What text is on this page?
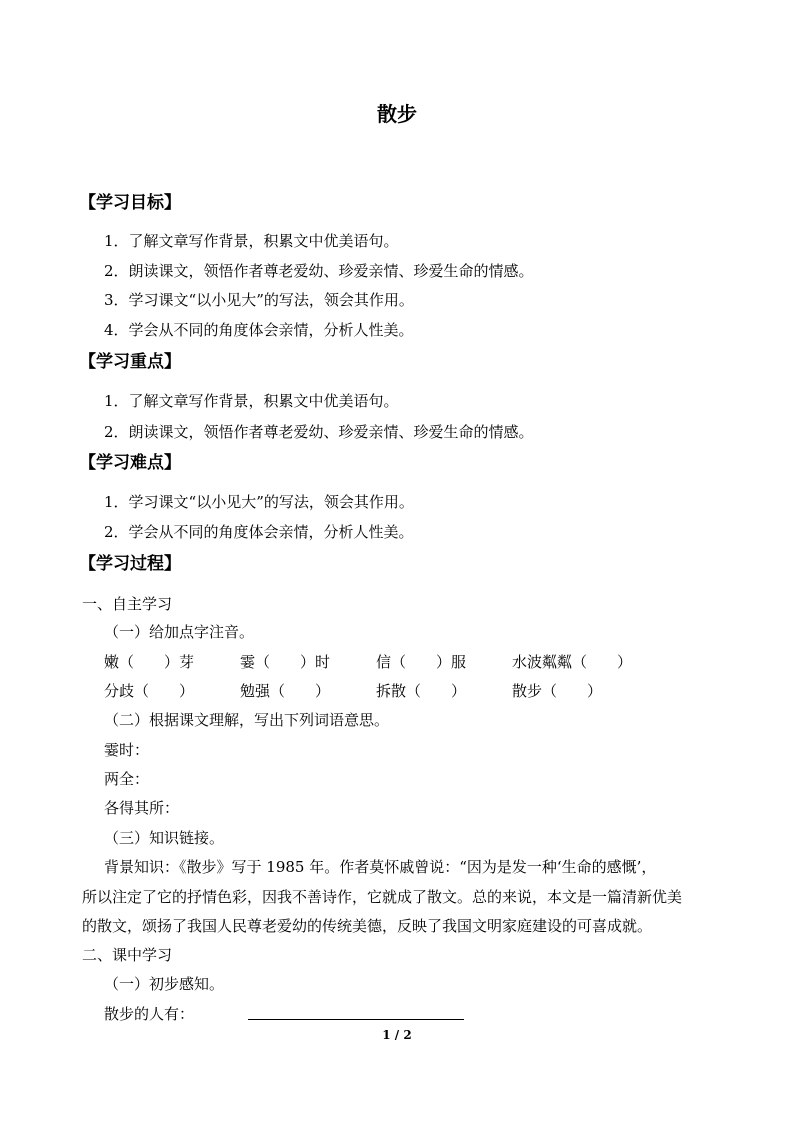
散步
【学习目标】
1．了解文章写作背景，积累文中优美语句。
2．朗读课文，领悟作者尊老爱幼、珍爱亲情、珍爱生命的情感。
3．学习课文“以小见大”的写法，领会其作用。
4．学会从不同的角度体会亲情，分析人性美。
【学习重点】
1．了解文章写作背景，积累文中优美语句。
2．朗读课文，领悟作者尊老爱幼、珍爱亲情、珍爱生命的情感。
【学习难点】
1．学习课文“以小见大”的写法，领会其作用。
2．学会从不同的角度体会亲情，分析人性美。
【学习过程】
一、自主学习
（一）给加点字注音。
嫩（　　）芽	霎（　　）时	信（　　）服	水波粼粼（　　）
分歧（　　）	勉强（　　）	拆散（　　）	散步（　　）
（二）根据课文理解，写出下列词语意思。
霎时：
两全：
各得其所：
（三）知识链接。
背景知识：《散步》写于 1985 年。作者莫怀戚曾说：“因为是发一种‘生命的感慨’，
所以注定了它的抒情色彩，因我不善诗作，它就成了散文。总的来说，本文是一篇清新优美
的散文，颂扬了我国人民尊老爱幼的传统美德，反映了我国文明家庭建设的可喜成就。
二、课中学习
（一）初步感知。
散步的人有：
1 / 2
